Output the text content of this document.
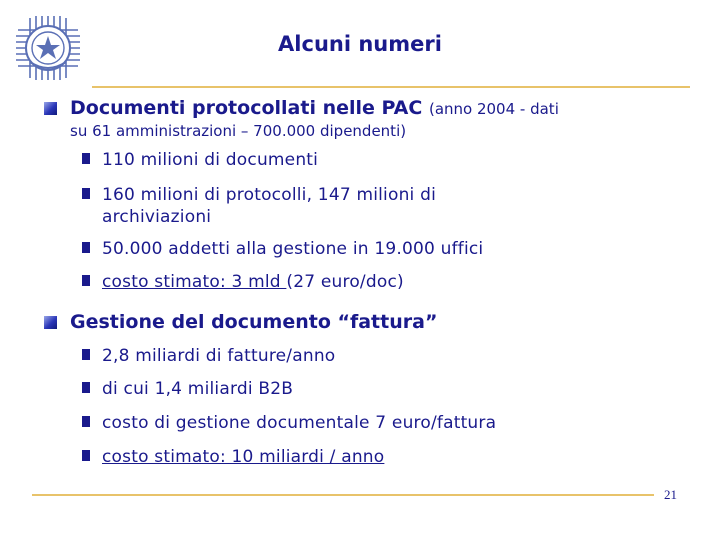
Alcuni numeri
Documenti protocollati nelle PAC (anno 2004 - dati
su 61 amministrazioni – 700.000 dipendenti)
110 milioni di documenti
160 milioni di protocolli, 147 milioni di
archiviazioni
50.000 addetti alla gestione in 19.000 uffici
costo stimato: 3 mld (27 euro/doc)
Gestione del documento “fattura”
2,8 miliardi di fatture/anno
di cui 1,4 miliardi B2B
costo di gestione documentale 7 euro/fattura
costo stimato: 10 miliardi / anno
21
